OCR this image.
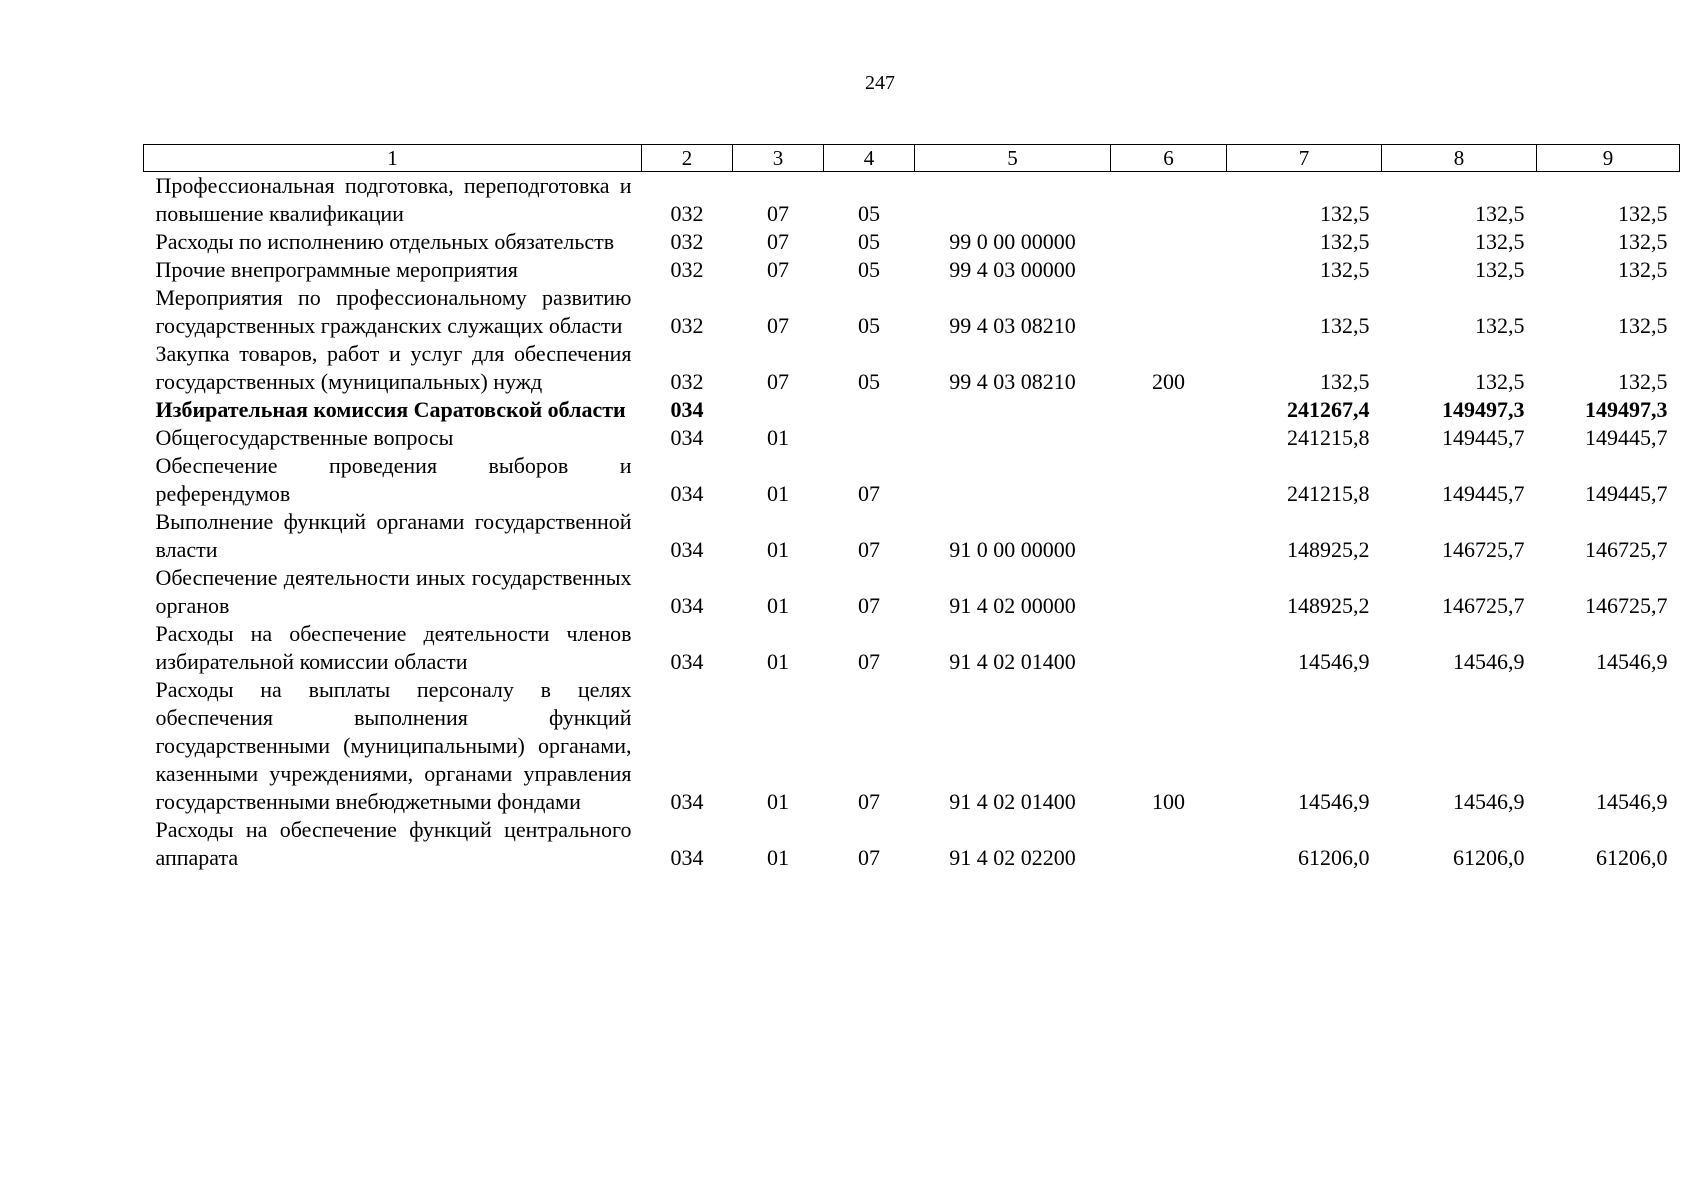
247
1	2	3	4	5	6	7	8	9
Профессиональная подготовка, переподготовка и повышение квалификации	032	07	05			132,5	132,5	132,5
Расходы по исполнению отдельных обязательств	032	07	05	99 0 00 00000		132,5	132,5	132,5
Прочие внепрограммные мероприятия	032	07	05	99 4 03 00000		132,5	132,5	132,5
Мероприятия по профессиональному развитию государственных гражданских служащих области	032	07	05	99 4 03 08210		132,5	132,5	132,5
Закупка товаров, работ и услуг для обеспечения государственных (муниципальных) нужд	032	07	05	99 4 03 08210	200	132,5	132,5	132,5
Избирательная комиссия Саратовской области	034					241267,4	149497,3	149497,3
Общегосударственные вопросы	034	01				241215,8	149445,7	149445,7
Обеспечение проведения выборов и референдумов	034	01	07			241215,8	149445,7	149445,7
Выполнение функций органами государственной власти	034	01	07	91 0 00 00000		148925,2	146725,7	146725,7
Обеспечение деятельности иных государственных органов	034	01	07	91 4 02 00000		148925,2	146725,7	146725,7
Расходы на обеспечение деятельности членов избирательной комиссии области	034	01	07	91 4 02 01400		14546,9	14546,9	14546,9
Расходы на выплаты персоналу в целях обеспечения выполнения функций государственными (муниципальными) органами, казенными учреждениями, органами управления государственными внебюджетными фондами	034	01	07	91 4 02 01400	100	14546,9	14546,9	14546,9
Расходы на обеспечение функций центрального аппарата	034	01	07	91 4 02 02200		61206,0	61206,0	61206,0
